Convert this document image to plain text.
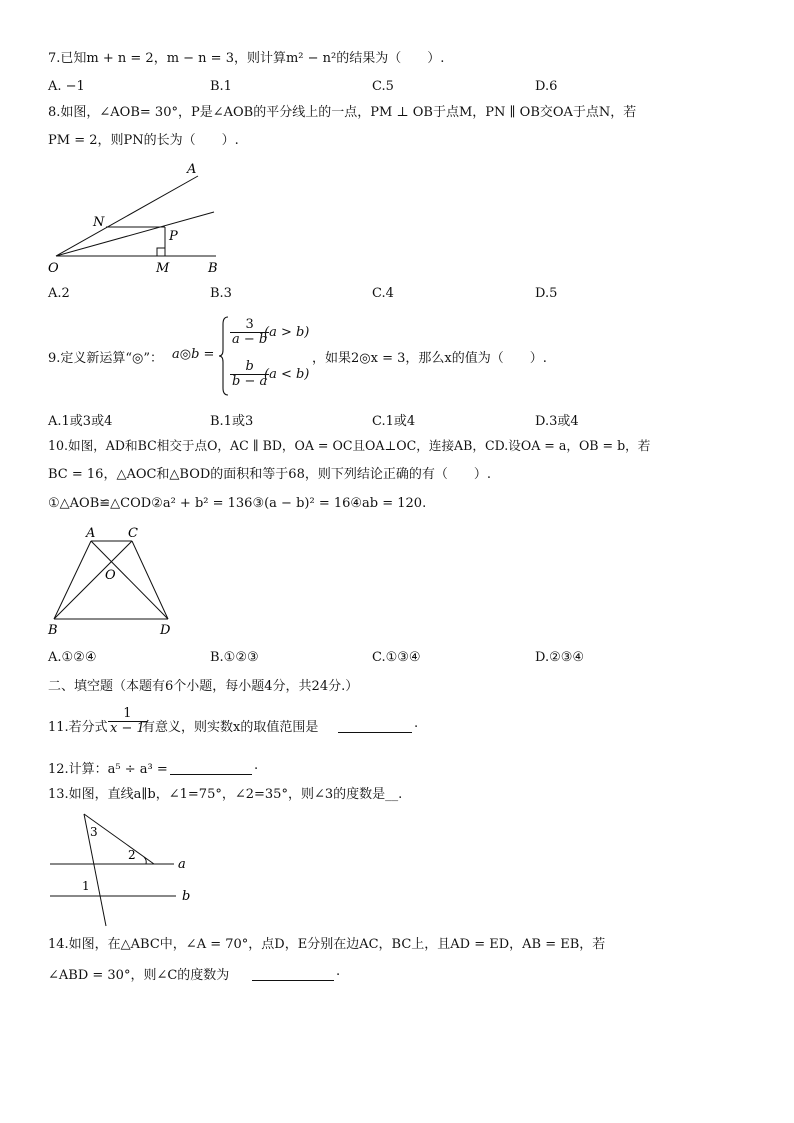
7.已知m + n = 2，m − n = 3，则计算m² − n²的结果为（　　）.
A. −1	B.1	C.5	D.6
8.如图，∠AOB= 30°，P是∠AOB的平分线上的一点，PM ⊥ OB于点M，PN ∥ OB交OA于点N，若
PM = 2，则PN的长为（　　）.
A
N
P
O	M	B
A.2	B.3	C.4	D.5
9.定义新运算“◎”： a◎b =
$\frac{3}{a - b}$
(a > b)
$\frac{b}{b - a}$
(a < b)
，如果2◎x = 3，那么x的值为（　　）.
A.1或3或4	B.1或3	C.1或4	D.3或4
10.如图，AD和BC相交于点O，AC ∥ BD，OA = OC且OA⊥OC，连接AB，CD.设OA = a，OB = b，若
BC = 16，△AOC和△BOD的面积和等于68，则下列结论正确的有（　　）.
①△AOB≌△COD②a² + b² = 136③(a − b)² = 16④ab = 120.
A	C
O
B	D
A.①②④	B.①②③	C.①③④	D.②③④
二、填空题（本题有6个小题，每小题4分，共24分.）
11.若分式 $\frac{1}{x - 1}$
有意义，则实数x的取值范围是	.
12.计算：a⁵ ÷ a³ =	.
13.如图，直线a∥b，∠1=75°，∠2=35°，则∠3的度数是__.
a
b
1
2
3
14.如图，在△ABC中，∠A = 70°，点D，E分别在边AC，BC上，且AD = ED，AB = EB，若
∠ABD = 30°，则∠C的度数为	.
